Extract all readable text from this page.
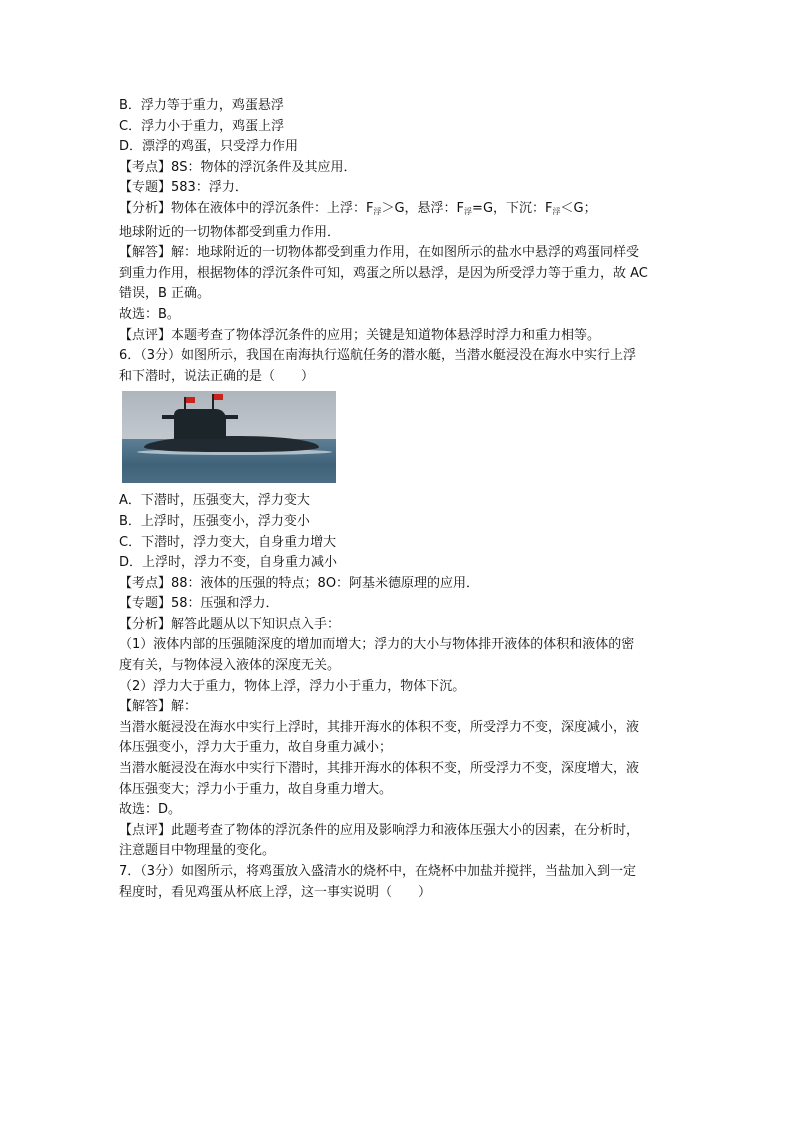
B．浮力等于重力，鸡蛋悬浮
C．浮力小于重力，鸡蛋上浮
D．漂浮的鸡蛋，只受浮力作用
【考点】8S：物体的浮沉条件及其应用．
【专题】583：浮力．
【分析】物体在液体中的浮沉条件：上浮：$F_浮>G$，悬浮：$F_浮=G$，下沉：$F_浮<G$；
地球附近的一切物体都受到重力作用．
【解答】解：地球附近的一切物体都受到重力作用，在如图所示的盐水中悬浮的鸡蛋同样受
到重力作用，根据物体的浮沉条件可知，鸡蛋之所以悬浮，是因为所受浮力等于重力，故 AC
错误，B 正确。
故选：B。
【点评】本题考查了物体浮沉条件的应用；关键是知道物体悬浮时浮力和重力相等。
6．（3分）如图所示，我国在南海执行巡航任务的潜水艇，当潜水艇浸没在海水中实行上浮
和下潜时，说法正确的是（　　）
A．下潜时，压强变大，浮力变大
B．上浮时，压强变小，浮力变小
C．下潜时，浮力变大，自身重力增大
D．上浮时，浮力不变，自身重力减小
【考点】88：液体的压强的特点；8O：阿基米德原理的应用．
【专题】58：压强和浮力．
【分析】解答此题从以下知识点入手：
（1）液体内部的压强随深度的增加而增大；浮力的大小与物体排开液体的体积和液体的密
度有关，与物体浸入液体的深度无关。
（2）浮力大于重力，物体上浮，浮力小于重力，物体下沉。
【解答】解：
当潜水艇浸没在海水中实行上浮时，其排开海水的体积不变，所受浮力不变，深度减小，液
体压强变小，浮力大于重力，故自身重力减小；
当潜水艇浸没在海水中实行下潜时，其排开海水的体积不变，所受浮力不变，深度增大，液
体压强变大；浮力小于重力，故自身重力增大。
故选：D。
【点评】此题考查了物体的浮沉条件的应用及影响浮力和液体压强大小的因素，在分析时，
注意题目中物理量的变化。
7．（3分）如图所示，将鸡蛋放入盛清水的烧杯中，在烧杯中加盐并搅拌，当盐加入到一定
程度时，看见鸡蛋从杯底上浮，这一事实说明（　　）
